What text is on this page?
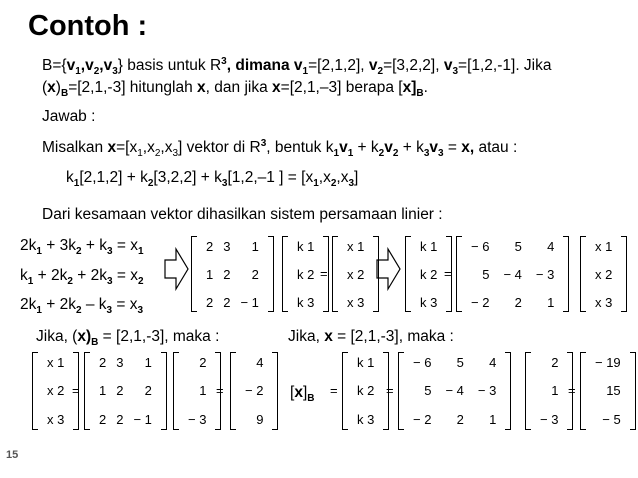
Contoh :
$B=\{v_1,v_2,v_3\}$ basis untuk $R^3$, dimana $v_1=[2,1,2]$, $v_2=[3,2,2]$, $v_3=[1,2,-1]$. Jika
$(x)_B=[2,1,-3]$ hitunglah x, dan jika x=[2,1,–3] berapa $[x]_B$.
Jawab :
Misalkan $x=[x_1,x_2,x_3]$ vektor di $R^3$, bentuk $k_1v_1 + k_2v_2 + k_3v_3 = x$, atau :
$k_1[2,1,2] + k_2[3,2,2] + k_3[1,2,-1$ ] = $[x_1,x_2,x_3]$
Dari kesamaan vektor dihasilkan sistem persamaan linier :
$2k_1 + 3k_2 + k_3 = x_1$
$k_1 + 2k_2 + 2k_3 = x_2$
$2k_1 + 2k_2 - k_3 = x_3$
2 3	1
1 2	2
2 2 − 1
k 1
k 2
k 3
=
x 1
x 2
x 3
k 1
k 2
k 3
=
− 6	5	4
5	− 4	− 3
− 2	2	1
x 1
x 2
x 3
Jika, $(x)_B = [2,1,-3]$, maka :	Jika, x = [2,1,-3], maka :
x 1
x 2
x 3
=
2 3	1
1 2	2
2 2 − 1
2
1
− 3
=
4
− 2
9
$[x]_B$
=
k 1
k 2
k 3
=
− 6	5	4
5	− 4	− 3
− 2	2	1
2
1
− 3
=
− 19
15
− 5
15
